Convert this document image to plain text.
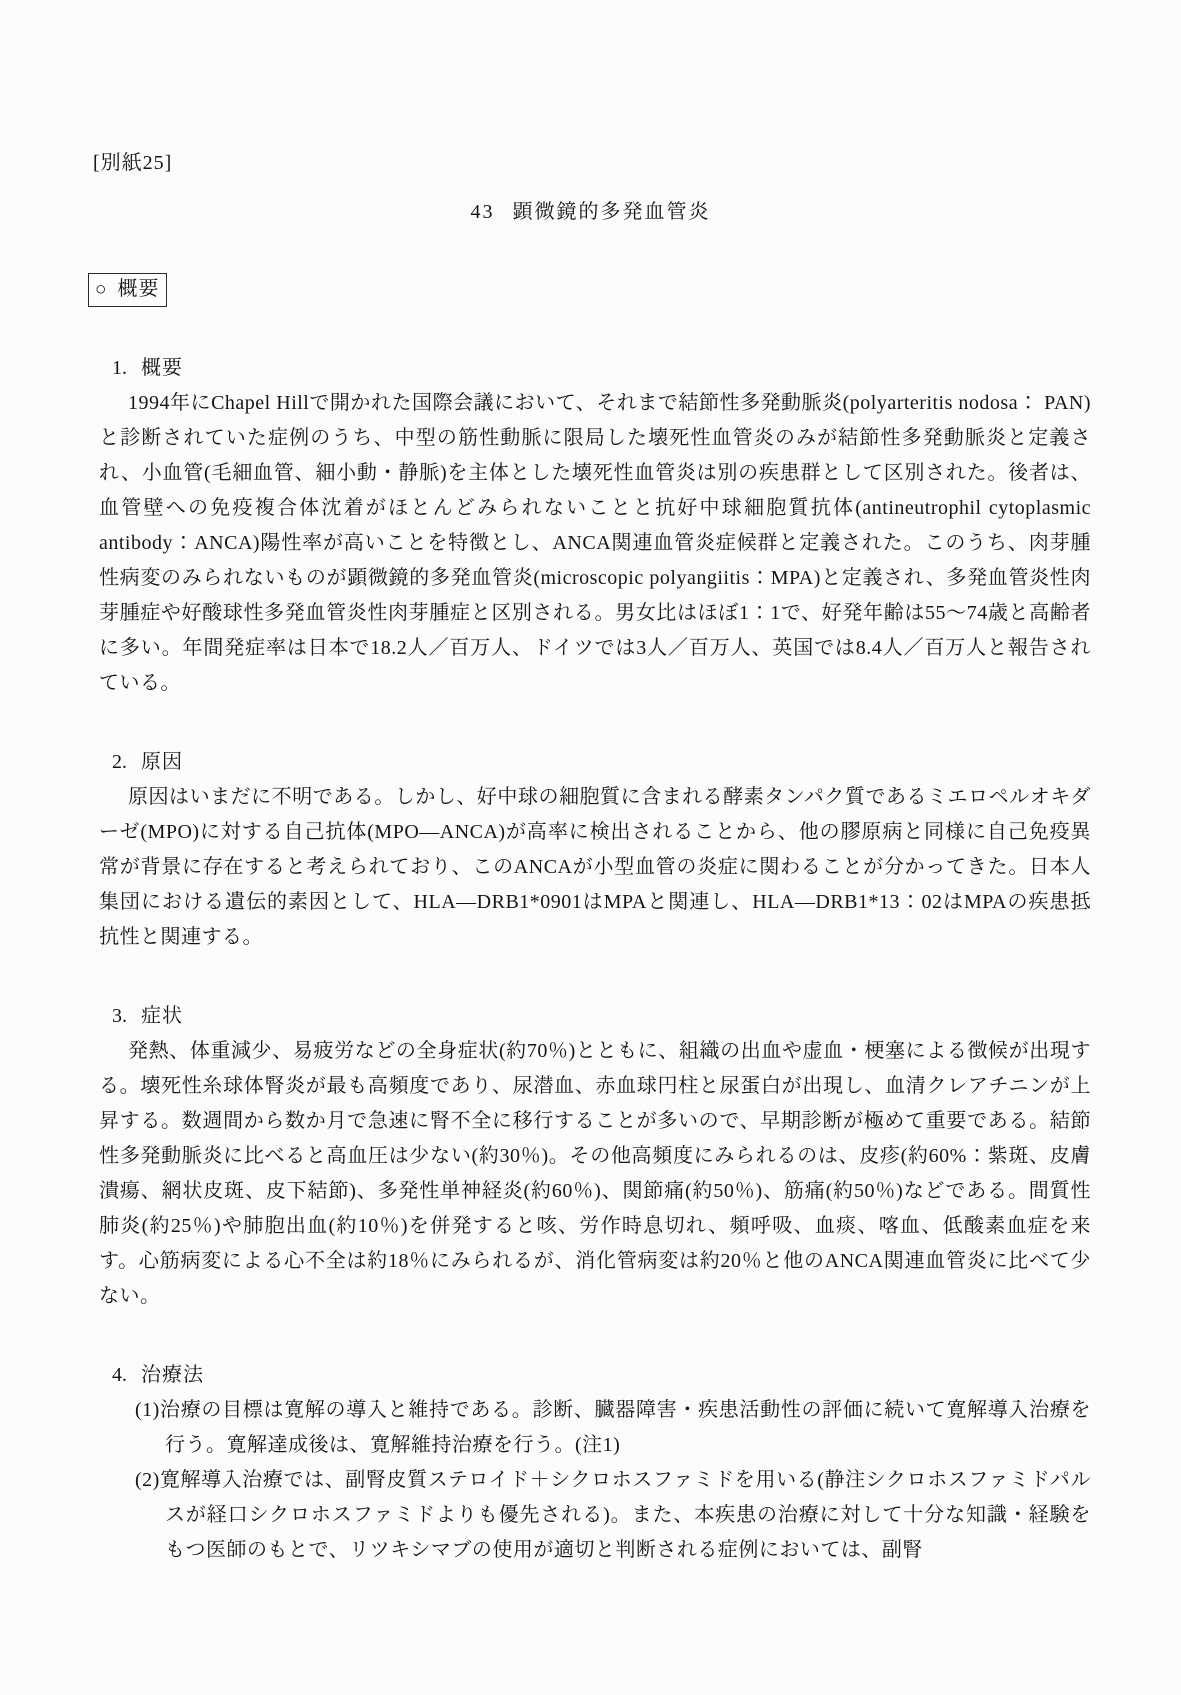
[別紙25]
43 顕微鏡的多発血管炎
○ 概要
1. 概要
1994年にChapel Hillで開かれた国際会議において、それまで結節性多発動脈炎(polyarteritis nodosa： PAN)と診断されていた症例のうち、中型の筋性動脈に限局した壊死性血管炎のみが結節性多発動脈炎と定義され、小血管(毛細血管、細小動・静脈)を主体とした壊死性血管炎は別の疾患群として区別された。後者は、血管壁への免疫複合体沈着がほとんどみられないことと抗好中球細胞質抗体(antineutrophil cytoplasmic antibody：ANCA)陽性率が高いことを特徴とし、ANCA関連血管炎症候群と定義された。このうち、肉芽腫性病変のみられないものが顕微鏡的多発血管炎(microscopic polyangiitis：MPA)と定義され、多発血管炎性肉芽腫症や好酸球性多発血管炎性肉芽腫症と区別される。男女比はほぼ1：1で、好発年齢は55～74歳と高齢者に多い。年間発症率は日本で18.2人／百万人、ドイツでは3人／百万人、英国では8.4人／百万人と報告されている。
2. 原因
原因はいまだに不明である。しかし、好中球の細胞質に含まれる酵素タンパク質であるミエロペルオキダーゼ(MPO)に対する自己抗体(MPO—ANCA)が高率に検出されることから、他の膠原病と同様に自己免疫異常が背景に存在すると考えられており、このANCAが小型血管の炎症に関わることが分かってきた。日本人集団における遺伝的素因として、HLA—DRB1*0901はMPAと関連し、HLA—DRB1*13：02はMPAの疾患抵抗性と関連する。
3. 症状
発熱、体重減少、易疲労などの全身症状(約70％)とともに、組織の出血や虚血・梗塞による徴候が出現する。壊死性糸球体腎炎が最も高頻度であり、尿潜血、赤血球円柱と尿蛋白が出現し、血清クレアチニンが上昇する。数週間から数か月で急速に腎不全に移行することが多いので、早期診断が極めて重要である。結節性多発動脈炎に比べると高血圧は少ない(約30％)。その他高頻度にみられるのは、皮疹(約60%：紫斑、皮膚潰瘍、網状皮斑、皮下結節)、多発性単神経炎(約60％)、関節痛(約50％)、筋痛(約50％)などである。間質性肺炎(約25％)や肺胞出血(約10％)を併発すると咳、労作時息切れ、頻呼吸、血痰、喀血、低酸素血症を来す。心筋病変による心不全は約18％にみられるが、消化管病変は約20％と他のANCA関連血管炎に比べて少ない。
4. 治療法
(1)治療の目標は寛解の導入と維持である。診断、臓器障害・疾患活動性の評価に続いて寛解導入治療を行う。寛解達成後は、寛解維持治療を行う。(注1)
(2)寛解導入治療では、副腎皮質ステロイド＋シクロホスファミドを用いる(静注シクロホスファミドパルスが経口シクロホスファミドよりも優先される)。また、本疾患の治療に対して十分な知識・経験をもつ医師のもとで、リツキシマブの使用が適切と判断される症例においては、副腎
